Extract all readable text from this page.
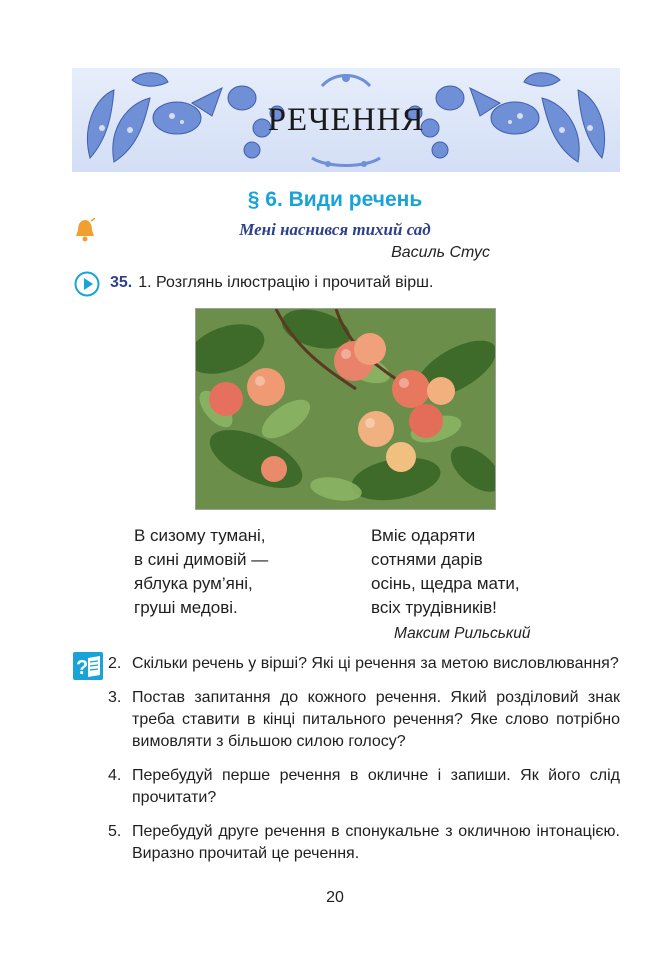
РЕЧЕННЯ
§ 6. Види речень
Мені наснився тихий сад
Василь Стус
35. 1. Розглянь ілюстрацію і прочитай вірш.
В сизому тумані,
в сині димовій —
яблука рум’яні,
груші медові.
Вміє одаряти
сотнями дарів
осінь, щедра мати,
всіх трудівників!
Максим Рильський
? 2. Скільки речень у вірші? Які ці речення за метою висловлювання?
3. Постав запитання до кожного речення. Який розділовий знак треба ставити в кінці питального речення? Яке слово потрібно вимовляти з більшою силою голосу?
4. Перебудуй перше речення в окличне і запиши. Як його слід прочитати?
5. Перебудуй друге речення в спонукальне з окличною інтонацією. Виразно прочитай це речення.
20
